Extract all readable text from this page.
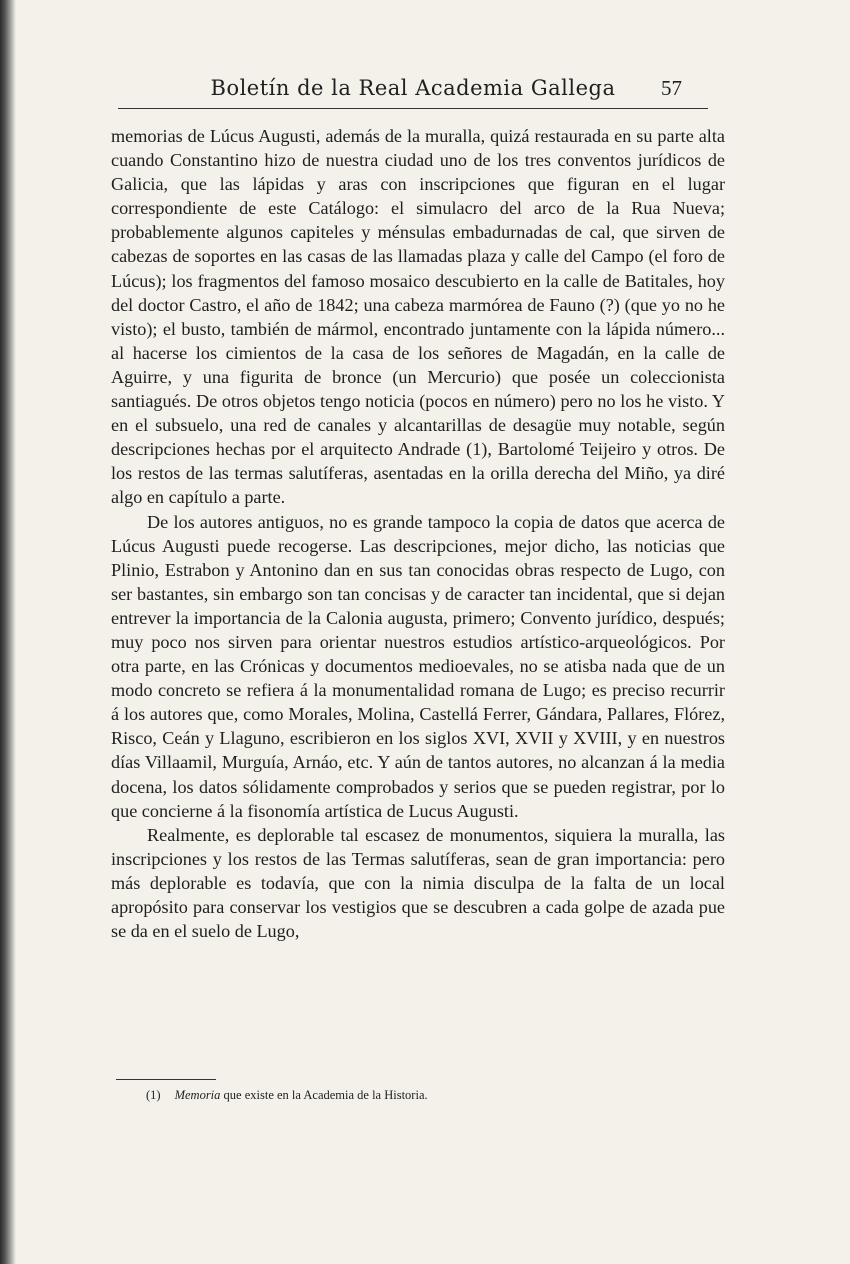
Boletín de la Real Academia Gallega	57

memorias de Lúcus Augusti, además de la muralla, quizá restaurada en su parte alta cuando Constantino hizo de nuestra ciudad uno de los tres conventos jurídicos de Galicia, que las lápidas y aras con inscripciones que figuran en el lugar correspondiente de este Catálogo: el simulacro del arco de la Rua Nueva; probablemente algunos capiteles y ménsulas embadurnadas de cal, que sirven de cabezas de soportes en las casas de las llamadas plaza y calle del Campo (el foro de Lúcus); los fragmentos del famoso mosaico descubierto en la calle de Batitales, hoy del doctor Castro, el año de 1842; una cabeza marmórea de Fauno (?) (que yo no he visto); el busto, también de mármol, encontrado juntamente con la lápida número... al hacerse los cimientos de la casa de los señores de Magadán, en la calle de Aguirre, y una figurita de bronce (un Mercurio) que posée un coleccionista santiagués. De otros objetos tengo noticia (pocos en número) pero no los he visto. Y en el subsuelo, una red de canales y alcantarillas de desagüe muy notable, según descripciones hechas por el arquitecto Andrade (1), Bartolomé Teijeiro y otros. De los restos de las termas salutíferas, asentadas en la orilla derecha del Miño, ya diré algo en capítulo a parte.

De los autores antiguos, no es grande tampoco la copia de datos que acerca de Lúcus Augusti puede recogerse. Las descripciones, mejor dicho, las noticias que Plinio, Estrabon y Antonino dan en sus tan conocidas obras respecto de Lugo, con ser bastantes, sin embargo son tan concisas y de caracter tan incidental, que si dejan entrever la importancia de la Calonia augusta, primero; Convento jurídico, después; muy poco nos sirven para orientar nuestros estudios artístico-arqueológicos. Por otra parte, en las Crónicas y documentos medioevales, no se atisba nada que de un modo concreto se refiera á la monumentalidad romana de Lugo; es preciso recurrir á los autores que, como Morales, Molina, Castellá Ferrer, Gándara, Pallares, Flórez, Risco, Ceán y Llaguno, escribieron en los siglos XVI, XVII y XVIII, y en nuestros días Villaamil, Murguía, Arnáo, etc. Y aún de tantos autores, no alcanzan á la media docena, los datos sólidamente comprobados y serios que se pueden registrar, por lo que concierne á la fisonomía artística de Lucus Augusti.

Realmente, es deplorable tal escasez de monumentos, siquiera la muralla, las inscripciones y los restos de las Termas salutíferas, sean de gran importancia: pero más deplorable es todavía, que con la nimia disculpa de la falta de un local apropósito para conservar los vestigios que se descubren a cada golpe de azada pue se da en el suelo de Lugo,

(1) Memoria que existe en la Academia de la Historia.
